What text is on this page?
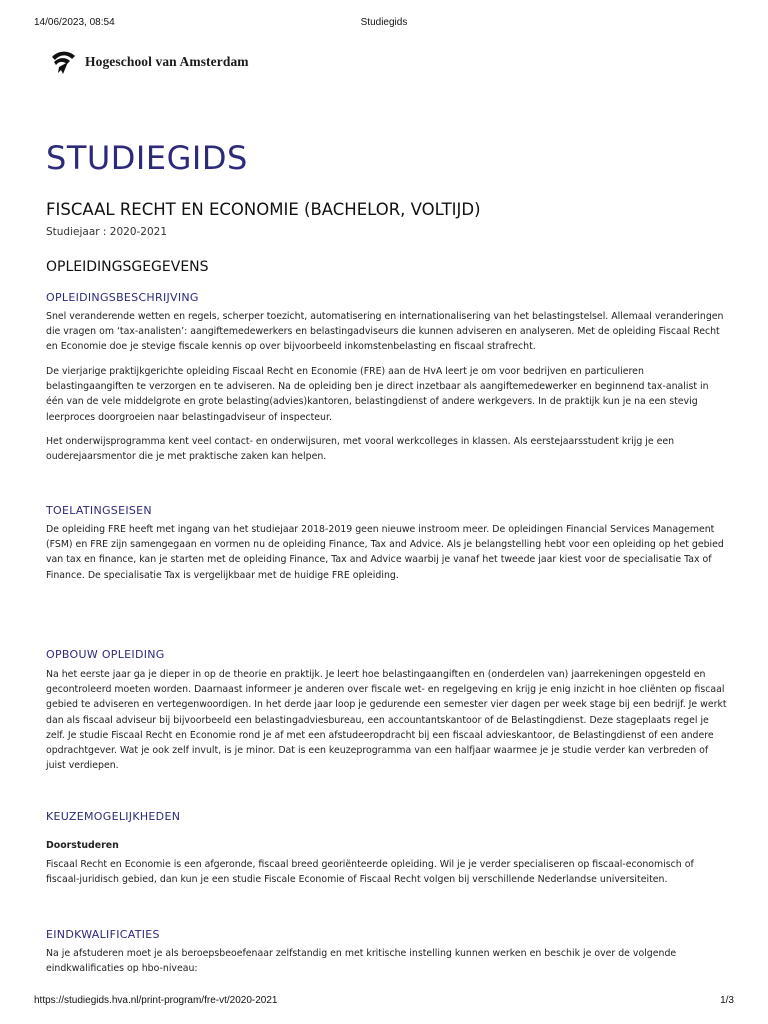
14/06/2023, 08:54	Studiegids
Hogeschool van Amsterdam
STUDIEGIDS
FISCAAL RECHT EN ECONOMIE (BACHELOR, VOLTIJD)
Studiejaar : 2020-2021
OPLEIDINGSGEGEVENS
OPLEIDINGSBESCHRIJVING

Snel veranderende wetten en regels, scherper toezicht, automatisering en internationalisering van het belastingstelsel. Allemaal veranderingen die vragen om ‘tax-analisten’: aangiftemedewerkers en belastingadviseurs die kunnen adviseren en analyseren. Met de opleiding Fiscaal Recht en Economie doe je stevige fiscale kennis op over bijvoorbeeld inkomstenbelasting en fiscaal strafrecht.

De vierjarige praktijkgerichte opleiding Fiscaal Recht en Economie (FRE) aan de HvA leert je om voor bedrijven en particulieren belastingaangiften te verzorgen en te adviseren. Na de opleiding ben je direct inzetbaar als aangiftemedewerker en beginnend tax-analist in één van de vele middelgrote en grote belasting(advies)kantoren, belastingdienst of andere werkgevers. In de praktijk kun je na een stevig leerproces doorgroeien naar belastingadviseur of inspecteur.

Het onderwijsprogramma kent veel contact- en onderwijsuren, met vooral werkcolleges in klassen. Als eerstejaarsstudent krijg je een ouderejaarsmentor die je met praktische zaken kan helpen.

TOELATINGSEISEN

De opleiding FRE heeft met ingang van het studiejaar 2018-2019 geen nieuwe instroom meer. De opleidingen Financial Services Management (FSM) en FRE zijn samengegaan en vormen nu de opleiding Finance, Tax and Advice. Als je belangstelling hebt voor een opleiding op het gebied van tax en finance, kan je starten met de opleiding Finance, Tax and Advice waarbij je vanaf het tweede jaar kiest voor de specialisatie Tax of Finance. De specialisatie Tax is vergelijkbaar met de huidige FRE opleiding.

OPBOUW OPLEIDING

Na het eerste jaar ga je dieper in op de theorie en praktijk. Je leert hoe belastingaangiften en (onderdelen van) jaarrekeningen opgesteld en gecontroleerd moeten worden. Daarnaast informeer je anderen over fiscale wet- en regelgeving en krijg je enig inzicht in hoe cliënten op fiscaal gebied te adviseren en vertegenwoordigen. In het derde jaar loop je gedurende een semester vier dagen per week stage bij een bedrijf. Je werkt dan als fiscaal adviseur bij bijvoorbeeld een belastingadviesbureau, een accountantskantoor of de Belastingdienst. Deze stageplaats regel je zelf. Je studie Fiscaal Recht en Economie rond je af met een afstudeeropdracht bij een fiscaal advieskantoor, de Belastingdienst of een andere opdrachtgever. Wat je ook zelf invult, is je minor. Dat is een keuzeprogramma van een halfjaar waarmee je je studie verder kan verbreden of juist verdiepen.

KEUZEMOGELIJKHEDEN
Doorstuderen

Fiscaal Recht en Economie is een afgeronde, fiscaal breed georiënteerde opleiding. Wil je je verder specialiseren op fiscaal-economisch of fiscaal-juridisch gebied, dan kun je een studie Fiscale Economie of Fiscaal Recht volgen bij verschillende Nederlandse universiteiten.

EINDKWALIFICATIES

Na je afstuderen moet je als beroepsbeoefenaar zelfstandig en met kritische instelling kunnen werken en beschik je over de volgende eindkwalificaties op hbo-niveau:

https://studiegids.hva.nl/print-program/fre-vt/2020-2021	1/3
